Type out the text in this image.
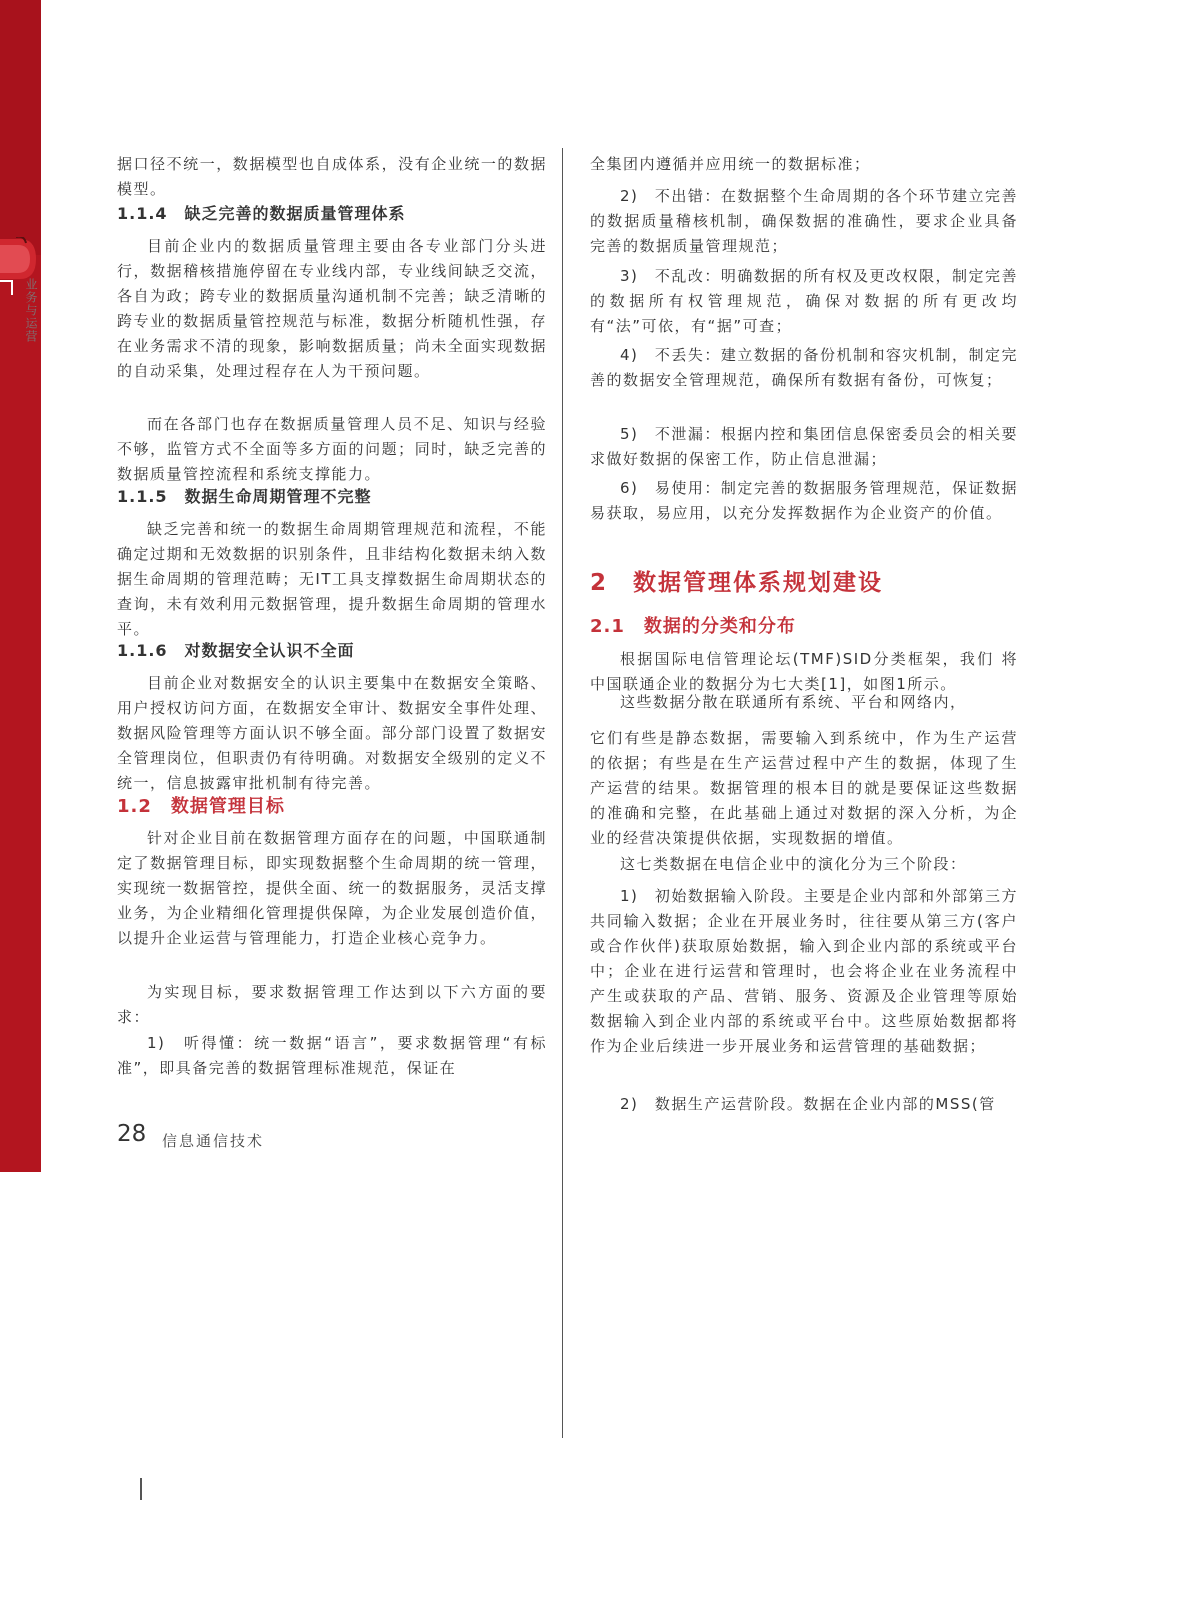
业务与运营

据口径不统一，数据模型也自成体系，没有企业统一的数据模型。

1.1.4　缺乏完善的数据质量管理体系

目前企业内的数据质量管理主要由各专业部门分头进行，数据稽核措施停留在专业线内部，专业线间缺乏交流，各自为政；跨专业的数据质量沟通机制不完善；缺乏清晰的跨专业的数据质量管控规范与标准，数据分析随机性强，存在业务需求不清的现象，影响数据质量；尚未全面实现数据的自动采集，处理过程存在人为干预问题。

而在各部门也存在数据质量管理人员不足、知识与经验不够，监管方式不全面等多方面的问题；同时，缺乏完善的数据质量管控流程和系统支撑能力。

1.1.5　数据生命周期管理不完整

缺乏完善和统一的数据生命周期管理规范和流程，不能确定过期和无效数据的识别条件，且非结构化数据未纳入数据生命周期的管理范畴；无IT工具支撑数据生命周期状态的查询，未有效利用元数据管理，提升数据生命周期的管理水平。

1.1.6　对数据安全认识不全面

目前企业对数据安全的认识主要集中在数据安全策略、用户授权访问方面，在数据安全审计、数据安全事件处理、数据风险管理等方面认识不够全面。部分部门设置了数据安全管理岗位，但职责仍有待明确。对数据安全级别的定义不统一，信息披露审批机制有待完善。

1.2　数据管理目标

针对企业目前在数据管理方面存在的问题，中国联通制定了数据管理目标，即实现数据整个生命周期的统一管理，实现统一数据管控，提供全面、统一的数据服务，灵活支撑业务，为企业精细化管理提供保障，为企业发展创造价值，以提升企业运营与管理能力，打造企业核心竞争力。

为实现目标，要求数据管理工作达到以下六方面的要求：

1)　听得懂：统一数据“语言”，要求数据管理“有标准”，即具备完善的数据管理标准规范，保证在

全集团内遵循并应用统一的数据标准；

2)　不出错：在数据整个生命周期的各个环节建立完善的数据质量稽核机制，确保数据的准确性，要求企业具备完善的数据质量管理规范；

3)　不乱改：明确数据的所有权及更改权限，制定完善的数据所有权管理规范，确保对数据的所有更改均有“法”可依，有“据”可查；

4)　不丢失：建立数据的备份机制和容灾机制，制定完善的数据安全管理规范，确保所有数据有备份，可恢复；

5)　不泄漏：根据内控和集团信息保密委员会的相关要求做好数据的保密工作，防止信息泄漏；

6)　易使用：制定完善的数据服务管理规范，保证数据易获取，易应用，以充分发挥数据作为企业资产的价值。

2　数据管理体系规划建设
2.1　数据的分类和分布

根据国际电信管理论坛(TMF)SID分类框架，我们 将中国联通企业的数据分为七大类[1]，如图1所示。

这些数据分散在联通所有系统、平台和网络内，

它们有些是静态数据，需要输入到系统中，作为生产运营的依据；有些是在生产运营过程中产生的数据，体现了生产运营的结果。数据管理的根本目的就是要保证这些数据的准确和完整，在此基础上通过对数据的深入分析，为企业的经营决策提供依据，实现数据的增值。

这七类数据在电信企业中的演化分为三个阶段：

1)　初始数据输入阶段。主要是企业内部和外部第三方共同输入数据；企业在开展业务时，往往要从第三方(客户或合作伙伴)获取原始数据，输入到企业内部的系统或平台中；企业在进行运营和管理时，也会将企业在业务流程中产生或获取的产品、营销、服务、资源及企业管理等原始数据输入到企业内部的系统或平台中。这些原始数据都将作为企业后续进一步开展业务和运营管理的基础数据；

2)　数据生产运营阶段。数据在企业内部的MSS(管

28 信息通信技术
